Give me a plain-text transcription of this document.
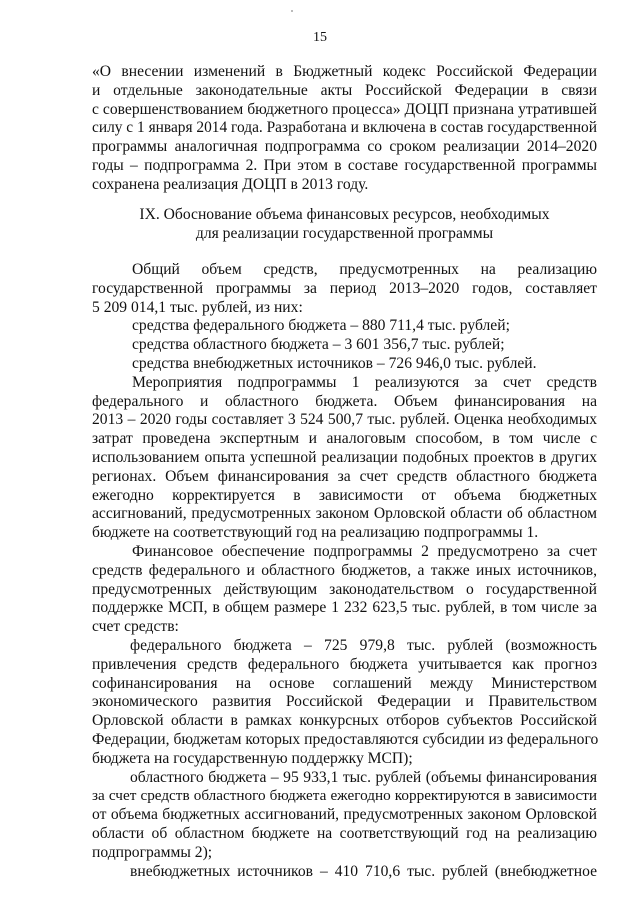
15
«О внесении изменений в Бюджетный кодекс Российской Федерации
и отдельные законодательные акты Российской Федерации в связи
с совершенствованием бюджетного процесса» ДОЦП признана утратившей
силу с 1 января 2014 года. Разработана и включена в состав государственной
программы аналогичная подпрограмма со сроком реализации 2014–2020
годы – подпрограмма 2. При этом в составе государственной программы
сохранена реализация ДОЦП в 2013 году.
IX. Обоснование объема финансовых ресурсов, необходимых
для реализации государственной программы
Общий объем средств, предусмотренных на реализацию
государственной программы за период 2013–2020 годов, составляет
5 209 014,1 тыс. рублей, из них:
средства федерального бюджета – 880 711,4 тыс. рублей;
средства областного бюджета – 3 601 356,7 тыс. рублей;
средства внебюджетных источников – 726 946,0 тыс. рублей.
Мероприятия подпрограммы 1 реализуются за счет средств
федерального и областного бюджета. Объем финансирования на
2013 – 2020 годы составляет 3 524 500,7 тыс. рублей. Оценка необходимых
затрат проведена экспертным и аналоговым способом, в том числе с
использованием опыта успешной реализации подобных проектов в других
регионах. Объем финансирования за счет средств областного бюджета
ежегодно корректируется в зависимости от объема бюджетных
ассигнований, предусмотренных законом Орловской области об областном
бюджете на соответствующий год на реализацию подпрограммы 1.
Финансовое обеспечение подпрограммы 2 предусмотрено за счет
средств федерального и областного бюджетов, а также иных источников,
предусмотренных действующим законодательством о государственной
поддержке МСП, в общем размере 1 232 623,5 тыс. рублей, в том числе за
счет средств:
федерального бюджета – 725 979,8 тыс. рублей (возможность
привлечения средств федерального бюджета учитывается как прогноз
софинансирования на основе соглашений между Министерством
экономического развития Российской Федерации и Правительством
Орловской области в рамках конкурсных отборов субъектов Российской
Федерации, бюджетам которых предоставляются субсидии из федерального
бюджета на государственную поддержку МСП);
областного бюджета – 95 933,1 тыс. рублей (объемы финансирования
за счет средств областного бюджета ежегодно корректируются в зависимости
от объема бюджетных ассигнований, предусмотренных законом Орловской
области об областном бюджете на соответствующий год на реализацию
подпрограммы 2);
внебюджетных источников – 410 710,6 тыс. рублей (внебюджетное
